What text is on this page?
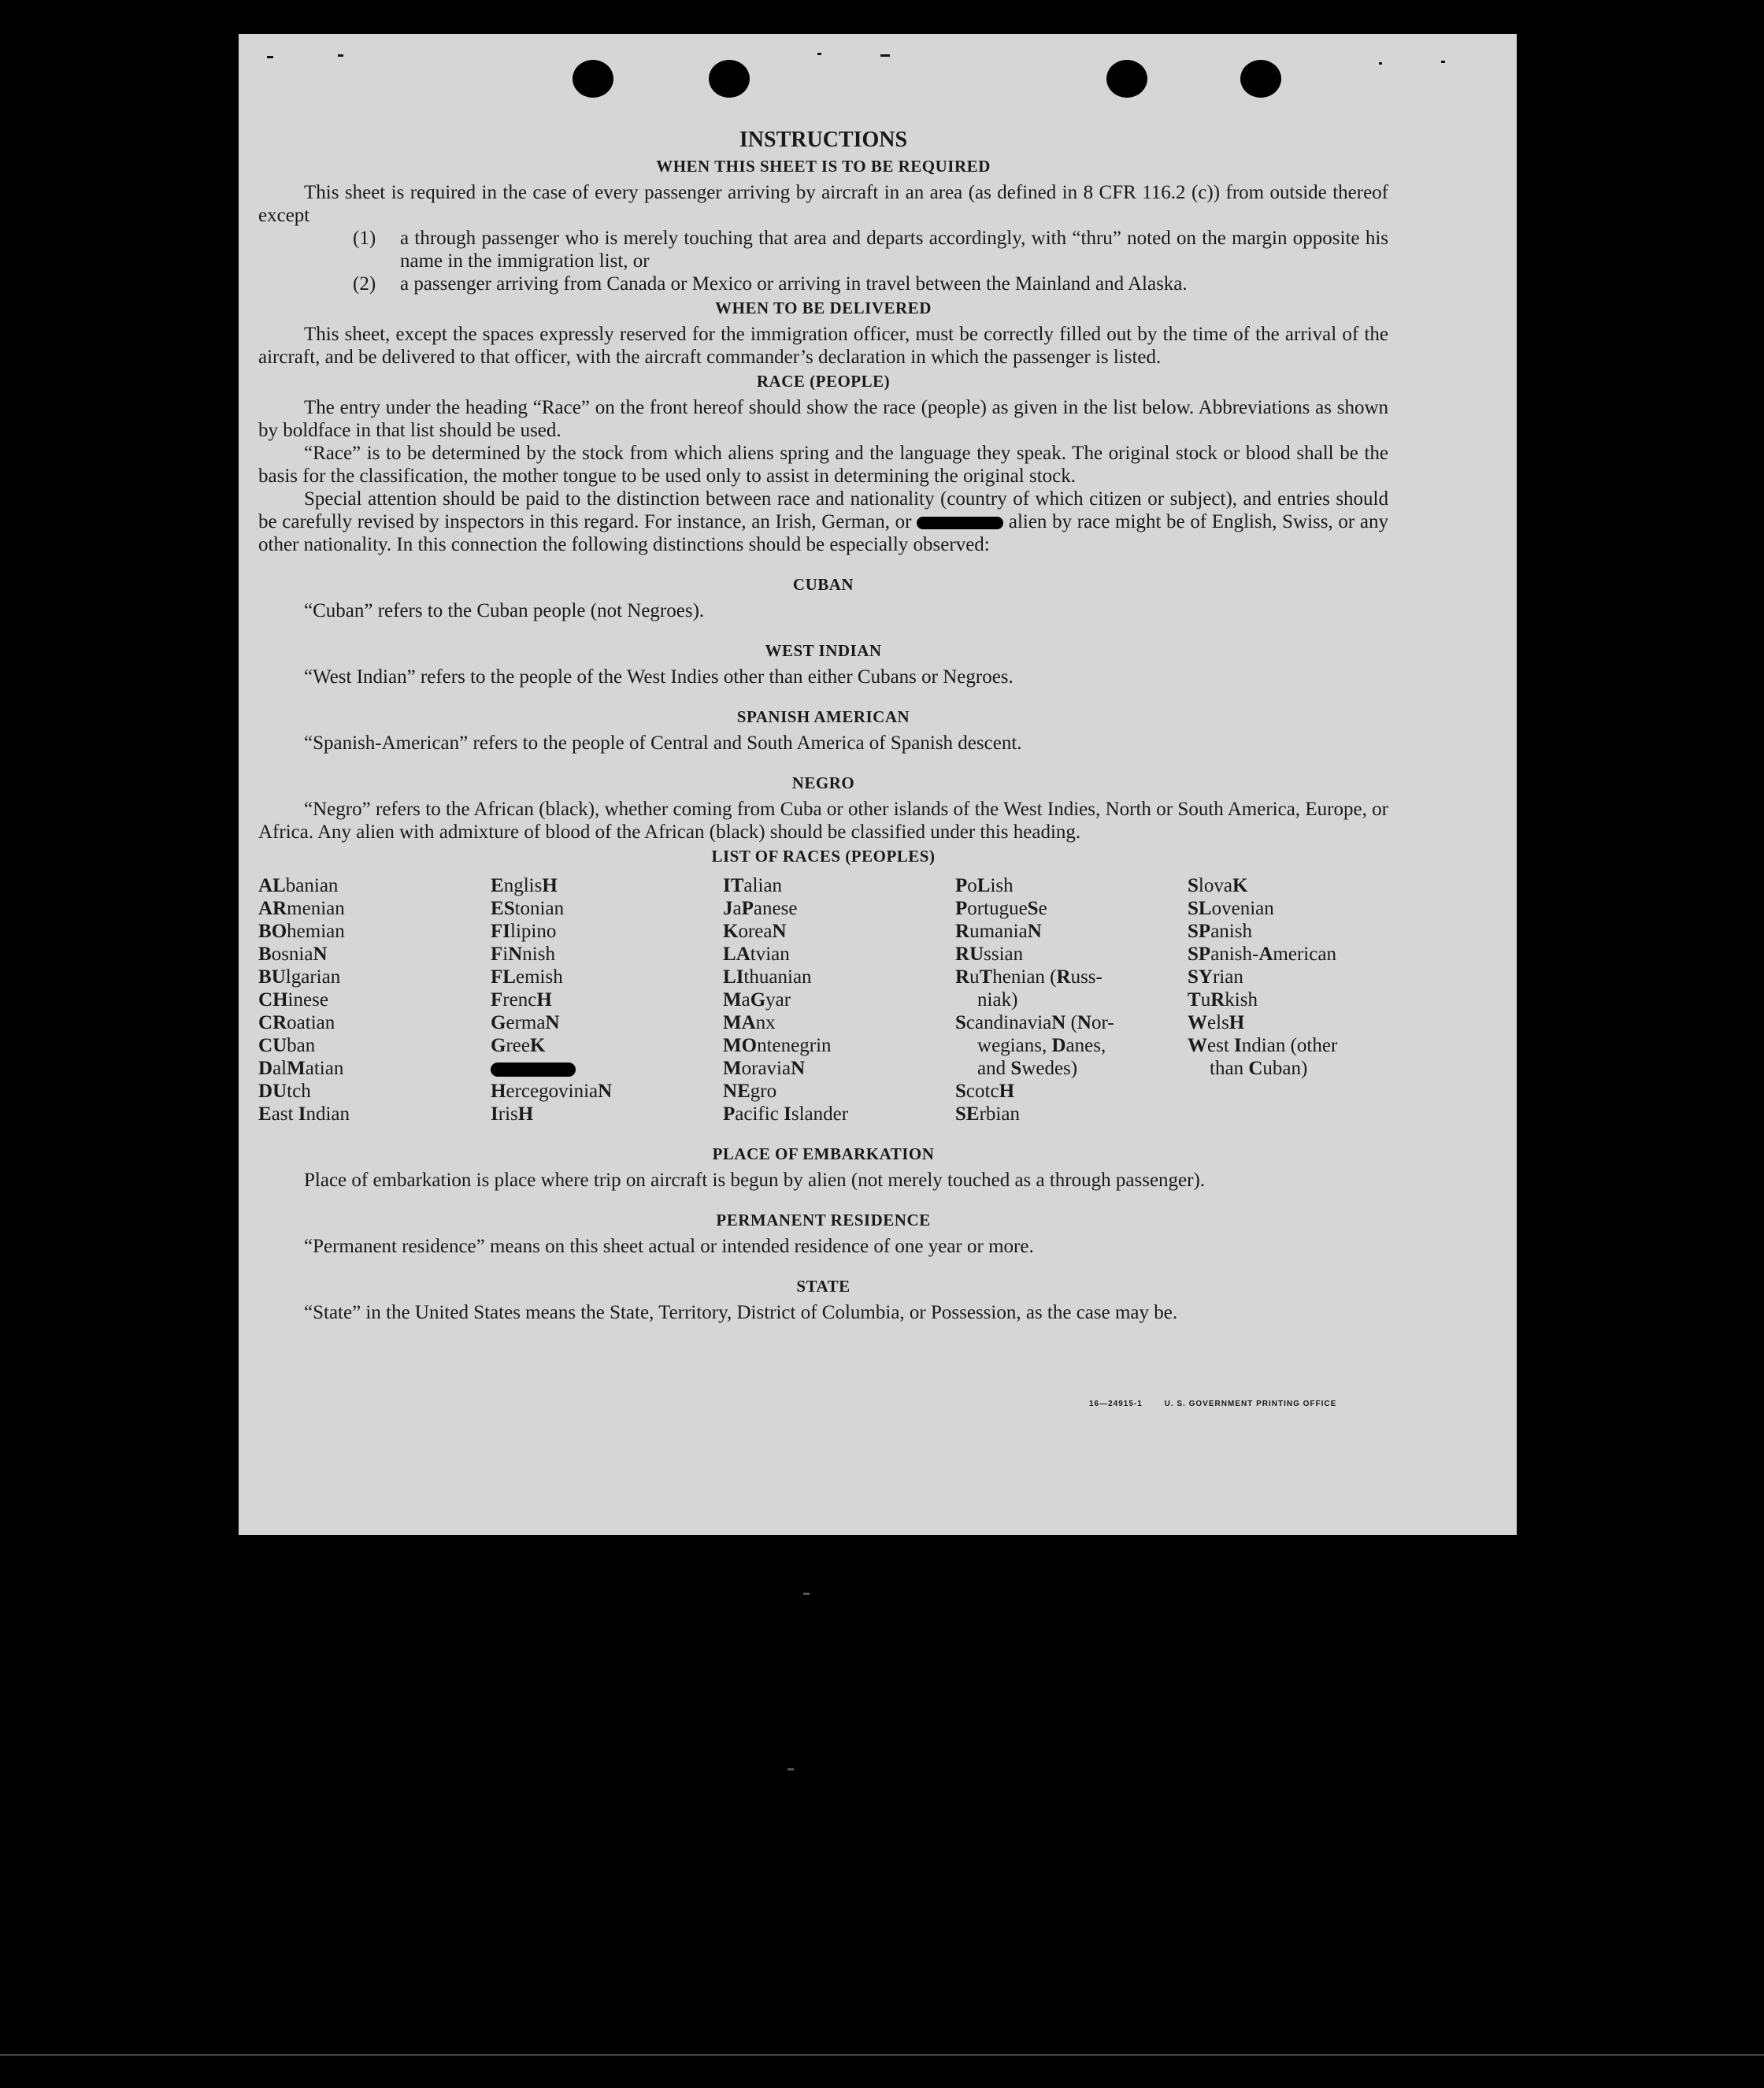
INSTRUCTIONS
WHEN THIS SHEET IS TO BE REQUIRED

This sheet is required in the case of every passenger arriving by aircraft in an area (as defined in 8 CFR 116.2 (c)) from outside thereof except

(1)	a through passenger who is merely touching that area and departs accordingly, with “thru” noted on the margin opposite his name in the immigration list, or
(2)	a passenger arriving from Canada or Mexico or arriving in travel between the Mainland and Alaska.
WHEN TO BE DELIVERED

This sheet, except the spaces expressly reserved for the immigration officer, must be correctly filled out by the time of the arrival of the aircraft, and be delivered to that officer, with the aircraft commander’s declaration in which the passenger is listed.

RACE (PEOPLE)

The entry under the heading “Race” on the front hereof should show the race (people) as given in the list below. Abbreviations as shown by boldface in that list should be used.

“Race” is to be determined by the stock from which aliens spring and the language they speak. The original stock or blood shall be the basis for the classification, the mother tongue to be used only to assist in determining the original stock.

Special attention should be paid to the distinction between race and nationality (country of which citizen or subject), and entries should be carefully revised by inspectors in this regard. For instance, an Irish, German, or	alien by race might be of English, Swiss, or any other nationality. In this connection the following distinctions should be especially observed:

CUBAN

“Cuban” refers to the Cuban people (not Negroes).

WEST INDIAN

“West Indian” refers to the people of the West Indies other than either Cubans or Negroes.

SPANISH AMERICAN

“Spanish-American” refers to the people of Central and South America of Spanish descent.

NEGRO

“Negro” refers to the African (black), whether coming from Cuba or other islands of the West Indies, North or South America, Europe, or Africa. Any alien with admixture of blood of the African (black) should be classified under this heading.

LIST OF RACES (PEOPLES)
ALbanian
ARmenian
BOhemian
BosniaN
BUlgarian
CHinese
CRoatian
CUban
DalMatian
DUtch
East Indian
EnglisH
EStonian
FIlipino
FiNnish
FLemish
FrencH
GermaN
GreeK
HercegoviniaN
IrisH
ITalian
JaPanese
KoreaN
LAtvian
LIthuanian
MaGyar
MAnx
MOntenegrin
MoraviaN
NEgro
Pacific Islander
PoLish
PortugueSe
RumaniaN
RUssian
RuThenian (Russ-
niak)
ScandinaviaN (Nor-
wegians, Danes,
and Swedes)
ScotcH
SErbian
SlovaK
SLovenian
SPanish
SPanish-American
SYrian
TuRkish
WelsH
West Indian (other
than Cuban)
PLACE OF EMBARKATION

Place of embarkation is place where trip on aircraft is begun by alien (not merely touched as a through passenger).

PERMANENT RESIDENCE

“Permanent residence” means on this sheet actual or intended residence of one year or more.

STATE

“State” in the United States means the State, Territory, District of Columbia, or Possession, as the case may be.

16—24915-1	U. S. GOVERNMENT PRINTING OFFICE
